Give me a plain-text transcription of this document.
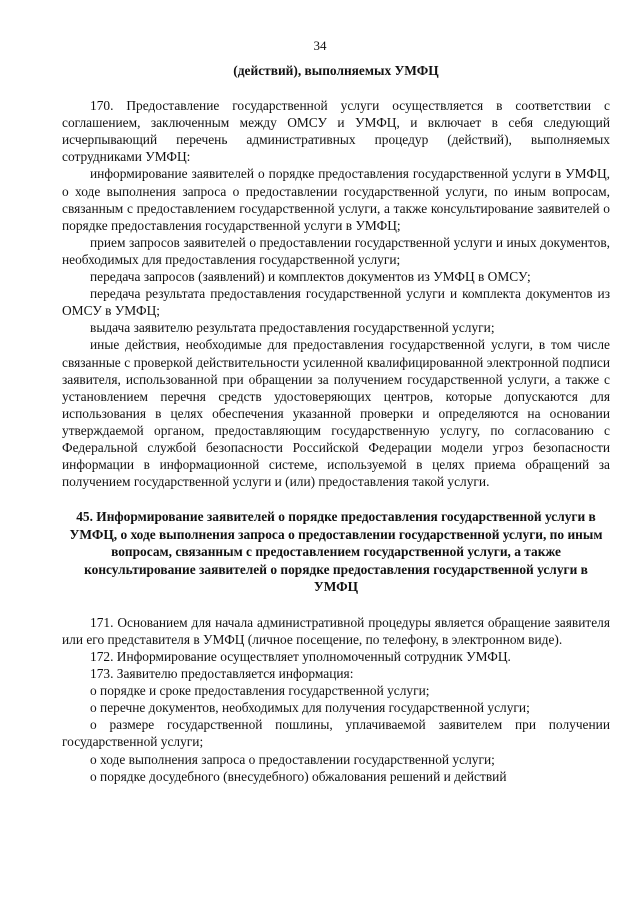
34
(действий), выполняемых УМФЦ

170. Предоставление государственной услуги осуществляется в соответствии с соглашением, заключенным между ОМСУ и УМФЦ, и включает в себя следующий исчерпывающий перечень административных процедур (действий), выполняемых сотрудниками УМФЦ:

информирование заявителей о порядке предоставления государственной услуги в УМФЦ, о ходе выполнения запроса о предоставлении государственной услуги, по иным вопросам, связанным с предоставлением государственной услуги, а также консультирование заявителей о порядке предоставления государственной услуги в УМФЦ;

прием запросов заявителей о предоставлении государственной услуги и иных документов, необходимых для предоставления государственной услуги;

передача запросов (заявлений) и комплектов документов из УМФЦ в ОМСУ;

передача результата предоставления государственной услуги и комплекта документов из ОМСУ в УМФЦ;

выдача заявителю результата предоставления государственной услуги;

иные действия, необходимые для предоставления государственной услуги, в том числе связанные с проверкой действительности усиленной квалифицированной электронной подписи заявителя, использованной при обращении за получением государственной услуги, а также с установлением перечня средств удостоверяющих центров, которые допускаются для использования в целях обеспечения указанной проверки и определяются на основании утверждаемой органом, предоставляющим государственную услугу, по согласованию с Федеральной службой безопасности Российской Федерации модели угроз безопасности информации в информационной системе, используемой в целях приема обращений за получением государственной услуги и (или) предоставления такой услуги.

45. Информирование заявителей о порядке предоставления государственной услуги в УМФЦ, о ходе выполнения запроса о предоставлении государственной услуги, по иным вопросам, связанным с предоставлением государственной услуги, а также консультирование заявителей о порядке предоставления государственной услуги в УМФЦ

171. Основанием для начала административной процедуры является обращение заявителя или его представителя в УМФЦ (личное посещение, по телефону, в электронном виде).

172. Информирование осуществляет уполномоченный сотрудник УМФЦ.

173. Заявителю предоставляется информация:

о порядке и сроке предоставления государственной услуги;

о перечне документов, необходимых для получения государственной услуги;

о размере государственной пошлины, уплачиваемой заявителем при получении государственной услуги;

о ходе выполнения запроса о предоставлении государственной услуги;

о порядке досудебного (внесудебного) обжалования решений и действий
